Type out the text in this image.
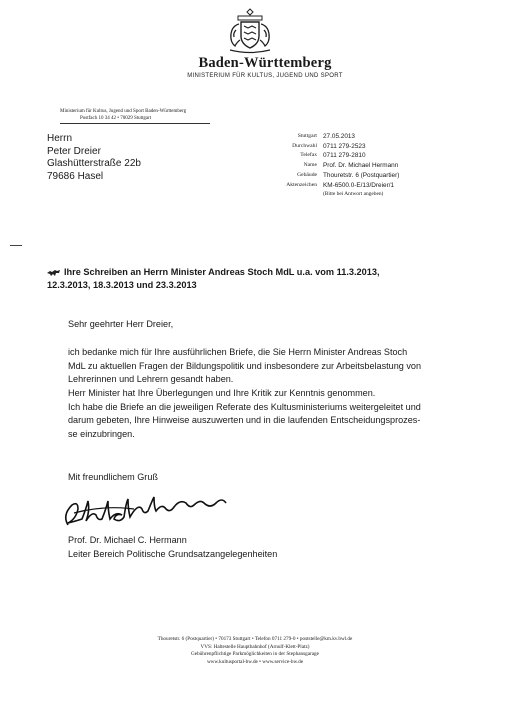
Baden-Württemberg
MINISTERIUM FÜR KULTUS, JUGEND UND SPORT
Ministerium für Kultus, Jugend und Sport Baden-Württemberg
Postfach 10 34 42 • 70029 Stuttgart
Herrn
Peter Dreier
Glashütterstraße 22b
79686 Hasel
Stuttgart 27.05.2013
Durchwahl 0711 279-2523
Telefax 0711 279-2810
Name Prof. Dr. Michael Hermann
Gebäude Thouretstr. 6 (Postquartier)
Aktenzeichen KM-6500.0-E/13/Dreier/1
(Bitte bei Antwort angeben)
Ihre Schreiben an Herrn Minister Andreas Stoch MdL u.a. vom 11.3.2013,
12.3.2013, 18.3.2013 und 23.3.2013
Sehr geehrter Herr Dreier,
ich bedanke mich für Ihre ausführlichen Briefe, die Sie Herrn Minister Andreas Stoch
MdL zu aktuellen Fragen der Bildungspolitik und insbesondere zur Arbeitsbelastung von
Lehrerinnen und Lehrern gesandt haben.
Herr Minister hat Ihre Überlegungen und Ihre Kritik zur Kenntnis genommen.
Ich habe die Briefe an die jeweiligen Referate des Kultusministeriums weitergeleitet und
darum gebeten, Ihre Hinweise auszuwerten und in die laufenden Entscheidungsprozes-
se einzubringen.
Mit freundlichem Gruß
Prof. Dr. Michael C. Hermann
Leiter Bereich Politische Grundsatzangelegenheiten
Thouretstr. 6 (Postquartier) • 70173 Stuttgart • Telefon 0711 279-0 • poststelle@km.kv.bwl.de
VVS: Haltestelle Hauptbahnhof (Arnulf-Klett-Platz)
Gebührenpflichtige Parkmöglichkeiten in der Stephansgarage
www.kultusportal-bw.de • www.service-bw.de
